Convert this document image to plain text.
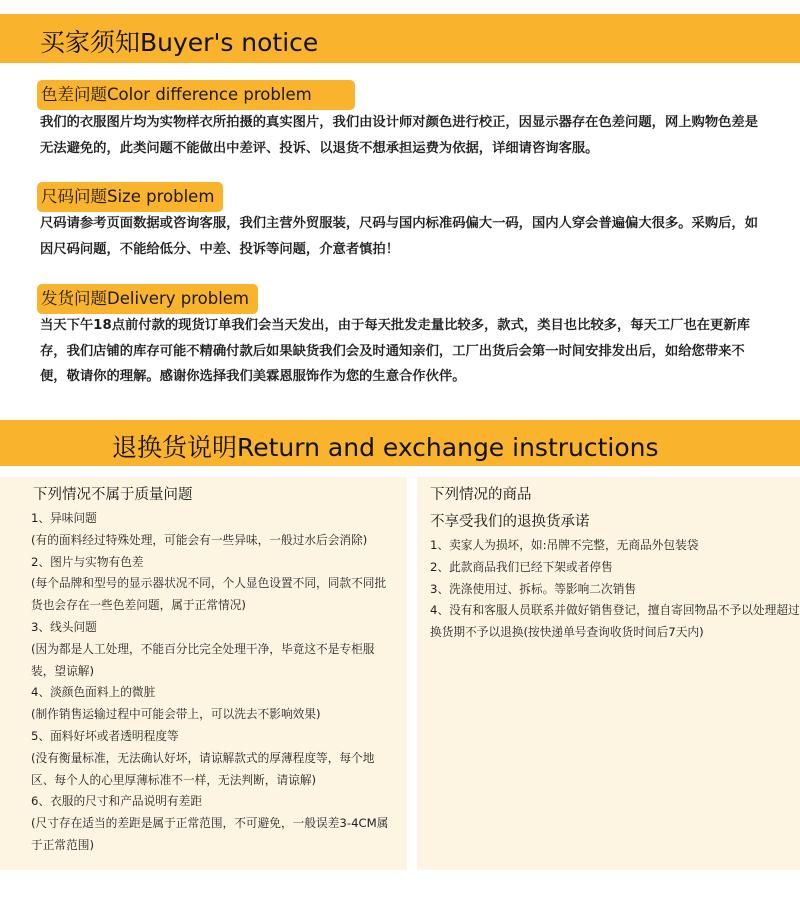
买家须知Buyer's notice
色差问题Color difference problem
我们的衣服图片均为实物样衣所拍摄的真实图片，我们由设计师对颜色进行校正，因显示器存在色差问题，网上购物色差是无法避免的，此类问题不能做出中差评、投诉、以退货不想承担运费为依据，详细请咨询客服。
尺码问题Size problem
尺码请参考页面数据或咨询客服，我们主营外贸服装，尺码与国内标准码偏大一码，国内人穿会普遍偏大很多。采购后，如因尺码问题，不能给低分、中差、投诉等问题，介意者慎拍！
发货问题Delivery problem
当天下午18点前付款的现货订单我们会当天发出，由于每天批发走量比较多，款式，类目也比较多，每天工厂也在更新库存，我们店铺的库存可能不精确付款后如果缺货我们会及时通知亲们，工厂出货后会第一时间安排发出后，如给您带来不便，敬请你的理解。感谢你选择我们美霖恩服饰作为您的生意合作伙伴。
退换货说明Return and exchange instructions
下列情况不属于质量问题
1、异味问题
(有的面料经过特殊处理，可能会有一些异味，一般过水后会消除)
2、图片与实物有色差
(每个品牌和型号的显示器状况不同，个人显色设置不同，同款不同批货也会存在一些色差问题，属于正常情况)
3、线头问题
(因为都是人工处理，不能百分比完全处理干净，毕竟这不是专柜服装，望谅解)
4、淡颜色面料上的微脏
(制作销售运输过程中可能会带上，可以洗去不影响效果)
5、面料好坏或者透明程度等
(没有衡量标准，无法确认好坏，请谅解款式的厚薄程度等，每个地区、每个人的心里厚薄标准不一样，无法判断，请谅解)
6、衣服的尺寸和产品说明有差距
(尺寸存在适当的差距是属于正常范围，不可避免，一般误差3-4CM属于正常范围)
下列情况的商品
不享受我们的退换货承诺
1、卖家人为损坏，如:吊牌不完整，无商品外包装袋
2、此款商品我们已经下架或者停售
3、洗涤使用过、拆标。等影响二次销售
4、没有和客服人员联系并做好销售登记，擅自寄回物品不予以处理超过换货期不予以退换(按快递单号查询收货时间后7天内)
